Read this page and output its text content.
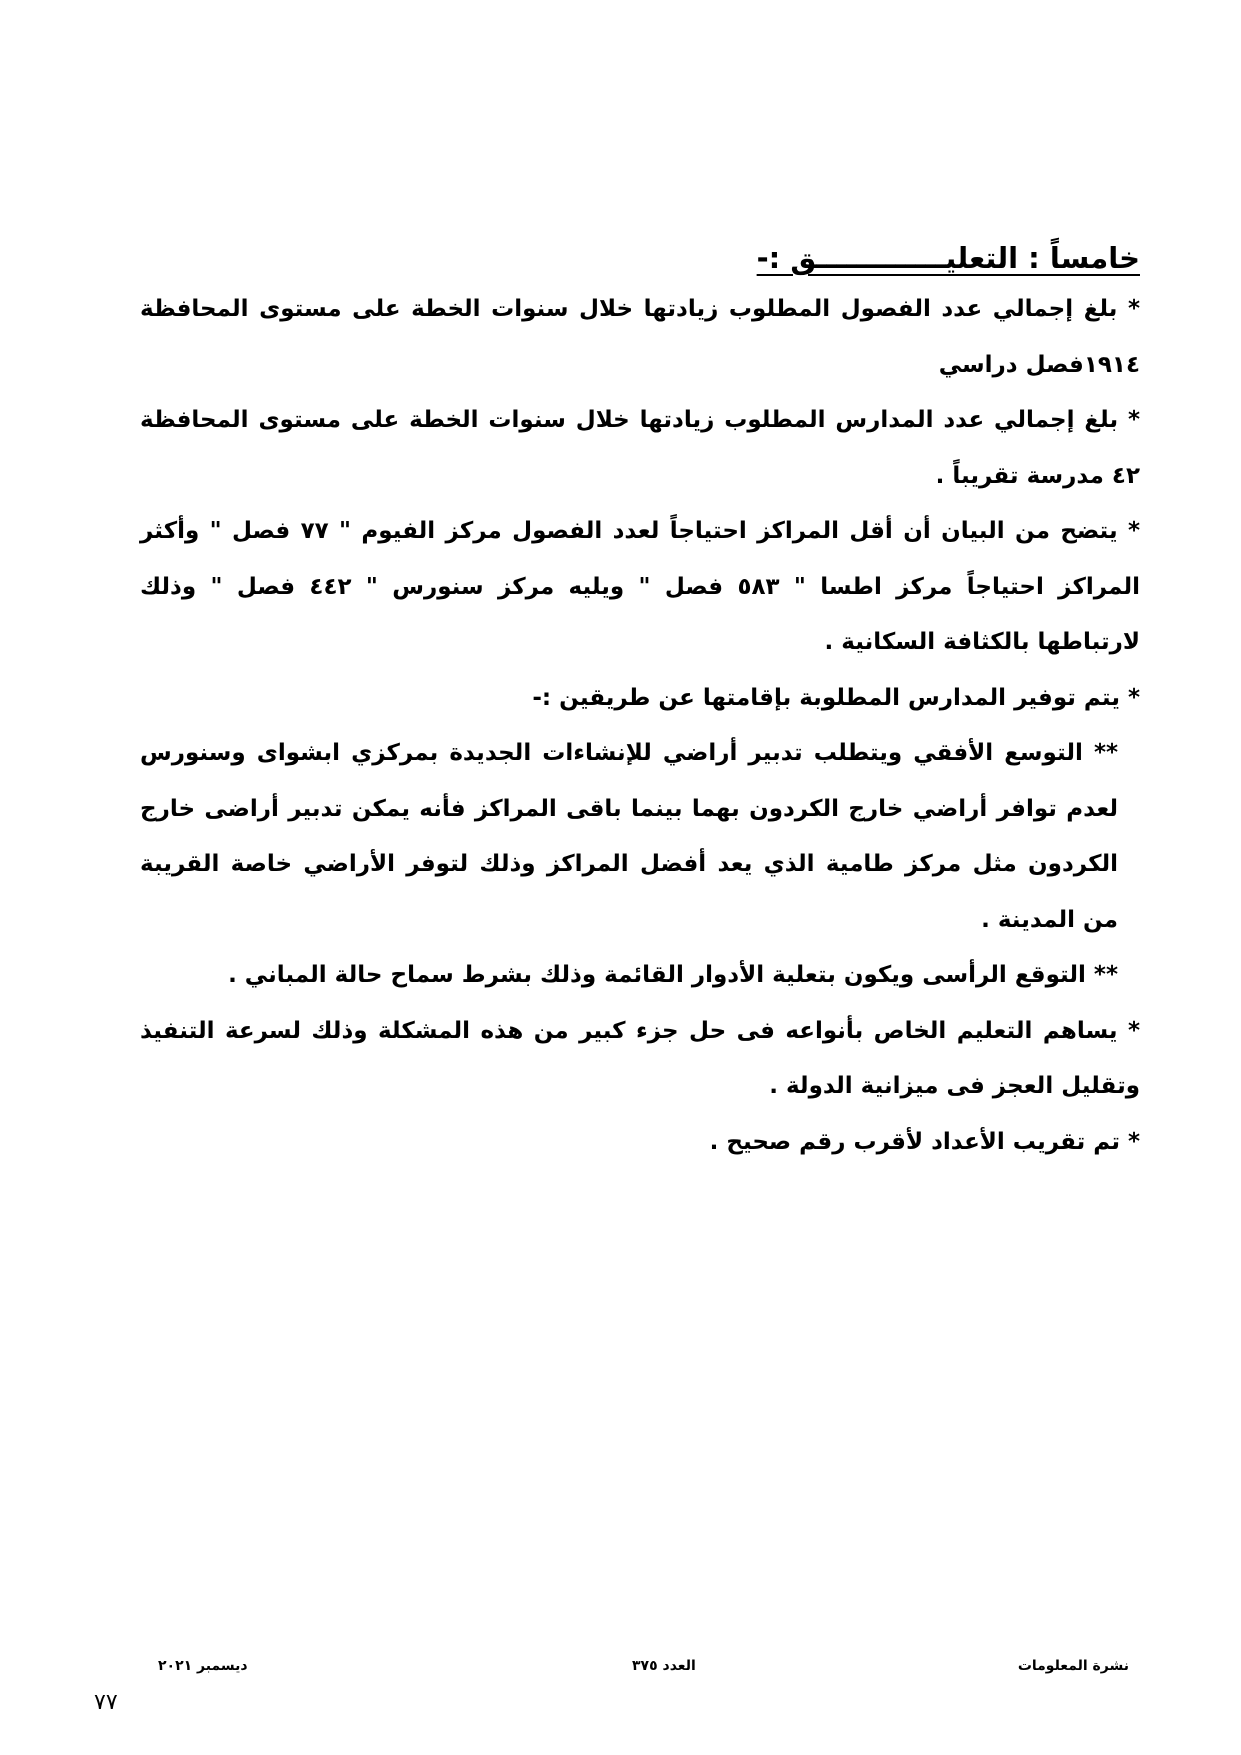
خامساً : التعليـــــــــــــق :-

* بلغ إجمالي عدد الفصول المطلوب زيادتها خلال سنوات الخطة على مستوى المحافظة ١٩١٤فصل دراسي

* بلغ إجمالي عدد المدارس المطلوب زيادتها خلال سنوات الخطة على مستوى المحافظة ٤٢ مدرسة تقريباً .

* يتضح من البيان أن أقل المراكز احتياجاً لعدد الفصول مركز الفيوم " ٧٧ فصل " وأكثر المراكز احتياجاً مركز اطسا " ٥٨٣ فصل " ويليه مركز سنورس " ٤٤٢ فصل " وذلك لارتباطها بالكثافة السكانية .

* يتم توفير المدارس المطلوبة بإقامتها عن طريقين :-

** التوسع الأفقي ويتطلب تدبير أراضي للإنشاءات الجديدة بمركزي ابشواى وسنورس لعدم توافر أراضي خارج الكردون بهما بينما باقى المراكز فأنه يمكن تدبير أراضى خارج الكردون مثل مركز طامية الذي يعد أفضل المراكز وذلك لتوفر الأراضي خاصة القريبة من المدينة .

** التوقع الرأسى ويكون بتعلية الأدوار القائمة وذلك بشرط سماح حالة المباني .

* يساهم التعليم الخاص بأنواعه فى حل جزء كبير من هذه المشكلة وذلك لسرعة التنفيذ وتقليل العجز فى ميزانية الدولة .

* تم تقريب الأعداد لأقرب رقم صحيح .

نشرة المعلومات
العدد ٣٧٥
ديسمبر ٢٠٢١
٧٧
